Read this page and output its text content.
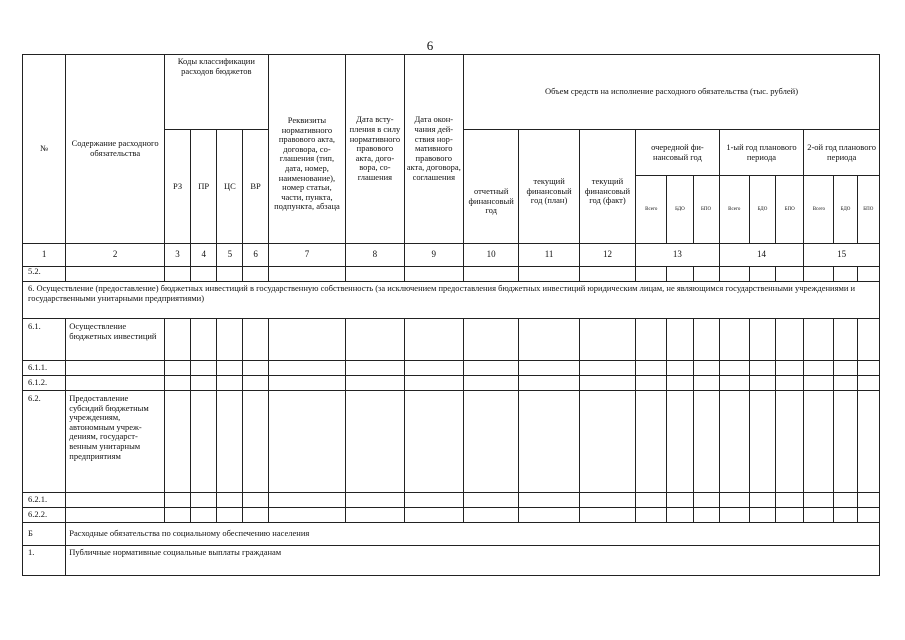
6
№	Содержание расходного обязательства	Коды классификации расходов бюджетов				Реквизиты нормативного правового акта, договора, соглашения (тип, дата, номер, наименование), номер статьи, части, пункта, подпункта, абзаца	Дата вступления в силу нормативного правового акта, договора, соглашения	Дата окончания действия нормативного правового акта, договора, соглашения	Объем средств на исполнение расходного обязательства (тыс. рублей)											
		РЗ	ПР	ЦС	ВР				отчетный финансовый год	текущий финансовый год (план)	текущий финансовый год (факт)	очередной финансовый год			1-ый год планового периода			2-ой год планового периода		
												Всего	БДО	БПО	Всего	БДО	БПО	Всего	БДО	БПО
1	2	3	4	5	6	7	8	9	10	11	12	13			14			15		
5.2.																				
6. Осуществление (предоставление) бюджетных инвестиций в государственную собственность (за исключением предоставления бюджетных инвестиций юридическим лицам, не являющимся государственными учреждениями и государственными унитарными предприятиями)																				
6.1.	Осуществление бюджетных инвестиций																			
6.1.1.																				
6.1.2.																				
6.2.	Предоставление субсидий бюджетным учреждениям, автономным учреждениям, государственным унитарным предприятиям																			
6.2.1.																				
6.2.2.																				
Б	Расходные обязательства по социальному обеспечению населения																			
1.	Публичные нормативные социальные выплаты гражданам																			
